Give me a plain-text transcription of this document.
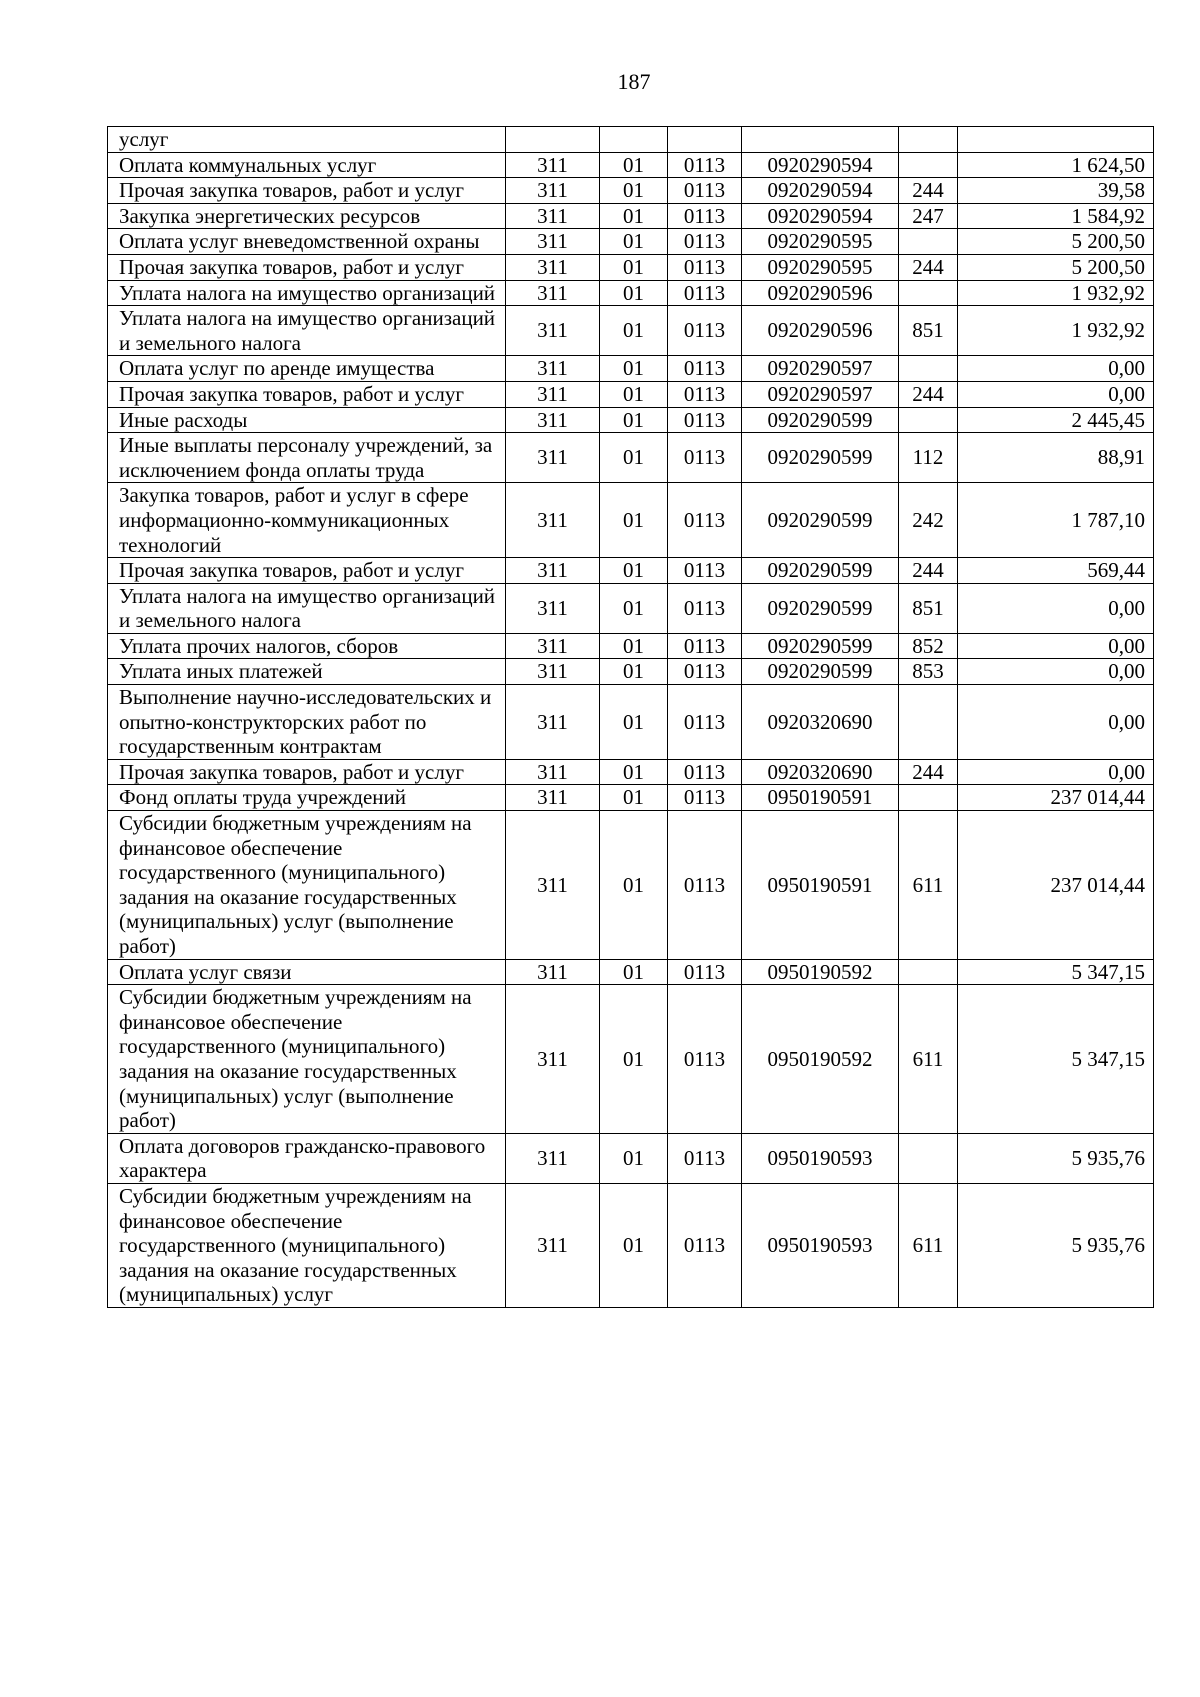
187
услуг						
Оплата коммунальных услуг	311	01	0113	0920290594		1 624,50
Прочая закупка товаров, работ и услуг	311	01	0113	0920290594	244	39,58
Закупка энергетических ресурсов	311	01	0113	0920290594	247	1 584,92
Оплата услуг вневедомственной охраны	311	01	0113	0920290595		5 200,50
Прочая закупка товаров, работ и услуг	311	01	0113	0920290595	244	5 200,50
Уплата налога на имущество организаций	311	01	0113	0920290596		1 932,92
Уплата налога на имущество организаций и земельного налога	311	01	0113	0920290596	851	1 932,92
Оплата услуг по аренде имущества	311	01	0113	0920290597		0,00
Прочая закупка товаров, работ и услуг	311	01	0113	0920290597	244	0,00
Иные расходы	311	01	0113	0920290599		2 445,45
Иные выплаты персоналу учреждений, за исключением фонда оплаты труда	311	01	0113	0920290599	112	88,91
Закупка товаров, работ и услуг в сфере информационно-коммуникационных технологий	311	01	0113	0920290599	242	1 787,10
Прочая закупка товаров, работ и услуг	311	01	0113	0920290599	244	569,44
Уплата налога на имущество организаций и земельного налога	311	01	0113	0920290599	851	0,00
Уплата прочих налогов, сборов	311	01	0113	0920290599	852	0,00
Уплата иных платежей	311	01	0113	0920290599	853	0,00
Выполнение научно-исследовательских и опытно-конструкторских работ по государственным контрактам	311	01	0113	0920320690		0,00
Прочая закупка товаров, работ и услуг	311	01	0113	0920320690	244	0,00
Фонд оплаты труда учреждений	311	01	0113	0950190591		237 014,44
Субсидии бюджетным учреждениям на финансовое обеспечение государственного (муниципального) задания на оказание государственных (муниципальных) услуг (выполнение работ)	311	01	0113	0950190591	611	237 014,44
Оплата услуг связи	311	01	0113	0950190592		5 347,15
Субсидии бюджетным учреждениям на финансовое обеспечение государственного (муниципального) задания на оказание государственных (муниципальных) услуг (выполнение работ)	311	01	0113	0950190592	611	5 347,15
Оплата договоров гражданско-правового характера	311	01	0113	0950190593		5 935,76
Субсидии бюджетным учреждениям на финансовое обеспечение государственного (муниципального) задания на оказание государственных (муниципальных) услуг	311	01	0113	0950190593	611	5 935,76
